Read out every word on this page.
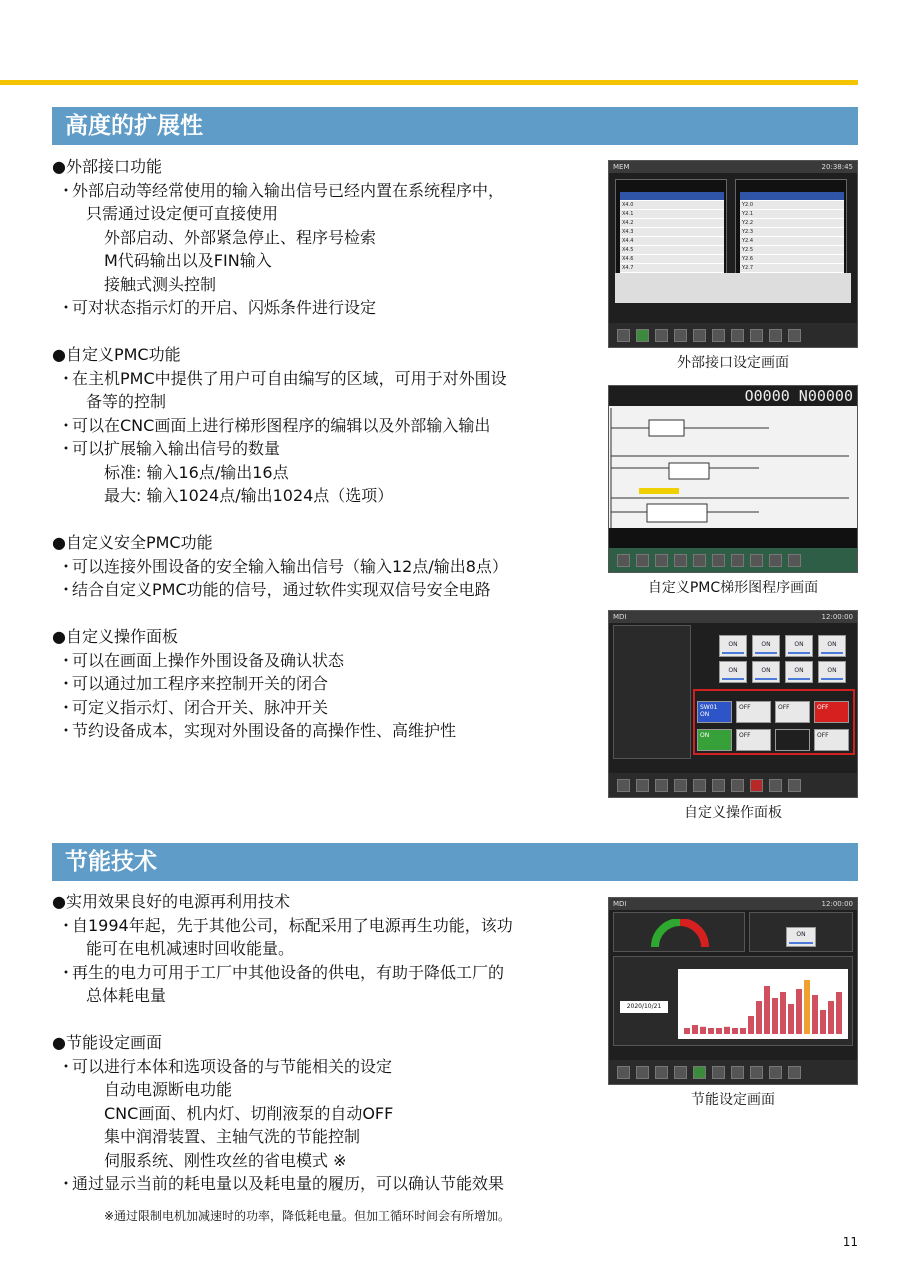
高度的扩展性
● 外部接口功能
・ 外部启动等经常使用的输入输出信号已经内置在系统程序中，
只需通过设定便可直接使用
外部启动、外部紧急停止、程序号检索
M代码输出以及FIN输入
接触式测头控制
・ 可对状态指示灯的开启、闪烁条件进行设定
● 自定义PMC功能
・ 在主机PMC中提供了用户可自由编写的区域，可用于对外围设
备等的控制
・ 可以在CNC画面上进行梯形图程序的编辑以及外部输入输出
・ 可以扩展输入输出信号的数量
标准: 输入16点/输出16点
最大: 输入1024点/输出1024点（选项）
● 自定义安全PMC功能
・ 可以连接外围设备的安全输入输出信号（输入12点/输出8点）
・ 结合自定义PMC功能的信号，通过软件实现双信号安全电路
● 自定义操作面板
・ 可以在画面上操作外围设备及确认状态
・ 可以通过加工程序来控制开关的闭合
・ 可定义指示灯、闭合开关、脉冲开关
・ 节约设备成本，实现对外围设备的高操作性、高维护性
节能技术
● 实用效果良好的电源再利用技术
・ 自1994年起，先于其他公司，标配采用了电源再生功能，该功
能可在电机减速时回收能量。
・ 再生的电力可用于工厂中其他设备的供电，有助于降低工厂的
总体耗电量
● 节能设定画面
・ 可以进行本体和选项设备的与节能相关的设定
自动电源断电功能
CNC画面、机内灯、切削液泵的自动OFF
集中润滑装置、主轴气洗的节能控制
伺服系统、刚性攻丝的省电模式 ※
・ 通过显示当前的耗电量以及耗电量的履历，可以确认节能效果
※通过限制电机加减速时的功率，降低耗电量。但加工循环时间会有所增加。
MEM	20:38:45
X4.0
X4.1
X4.2
X4.3
X4.4
X4.5
X4.6
X4.7
Y2.0
Y2.1
Y2.2
Y2.3
Y2.4
Y2.5
Y2.6
Y2.7
外部接口设定画面
O0000 N00000
自定义PMC梯形图程序画面
MDI	12:00:00
ON	ON	ON	ON
ON	ON	ON	ON
SW01
ON
OFF	OFF	OFF
ON	OFF	OFF
自定义操作面板
MDI	12:00:00
ON
2020/10/21
节能设定画面
11
